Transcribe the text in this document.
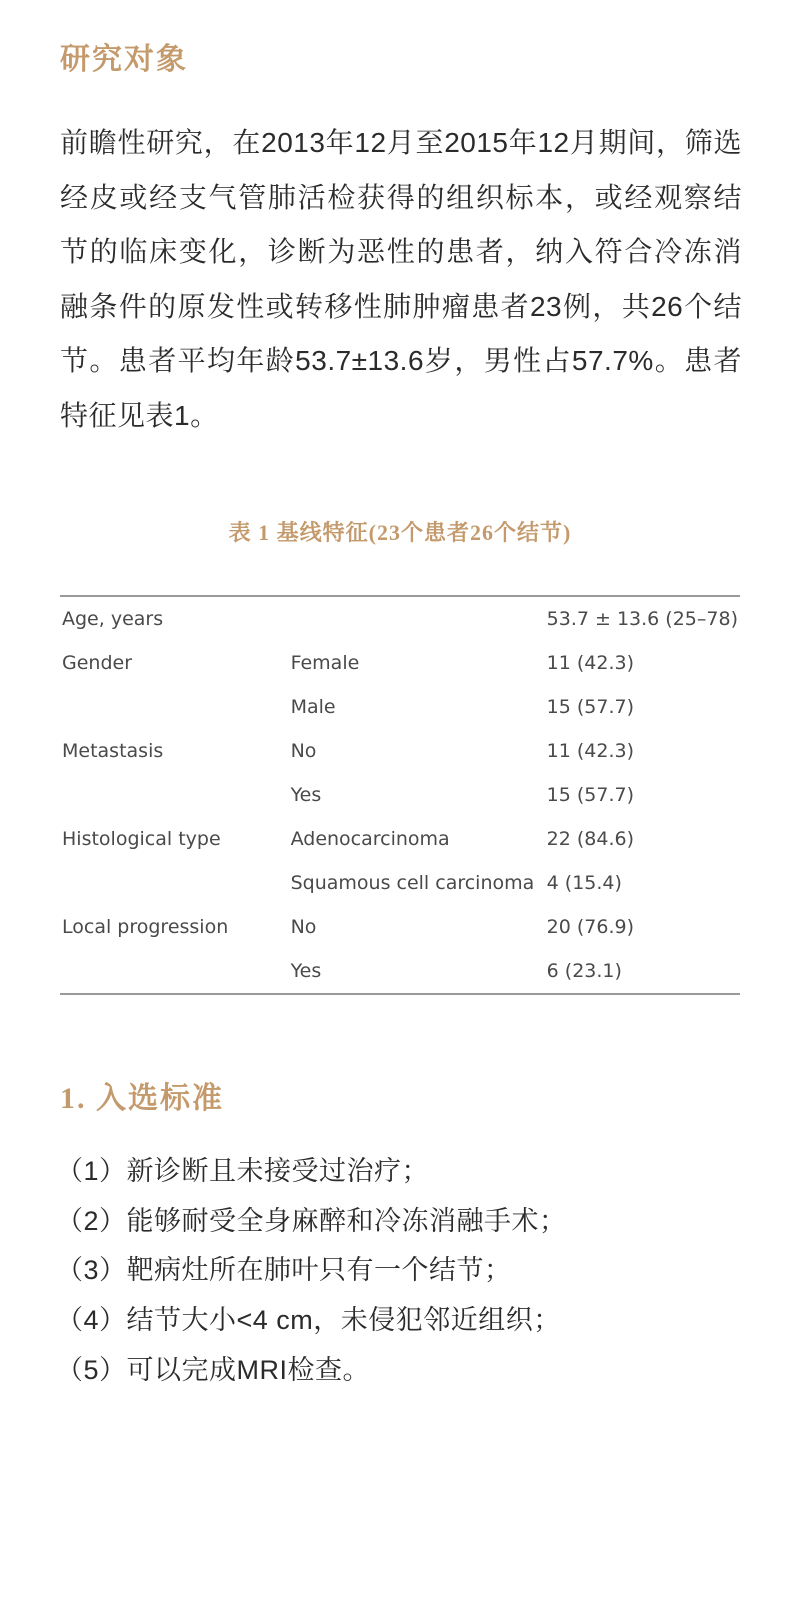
研究对象

前瞻性研究，在2013年12月至2015年12月期间，筛选经皮或经支气管肺活检获得的组织标本，或经观察结节的临床变化，诊断为恶性的患者，纳入符合冷冻消融条件的原发性或转移性肺肿瘤患者23例，共26个结节。患者平均年龄53.7±13.6岁，男性占57.7%。患者特征见表1。

表 1 基线特征(23个患者26个结节)
Age, years		53.7 ± 13.6 (25–78)
Gender	Female	11 (42.3)
	Male	15 (57.7)
Metastasis	No	11 (42.3)
	Yes	15 (57.7)
Histological type	Adenocarcinoma	22 (84.6)
	Squamous cell carcinoma	4 (15.4)
Local progression	No	20 (76.9)
	Yes	6 (23.1)
1. 入选标准
（1）新诊断且未接受过治疗；
（2）能够耐受全身麻醉和冷冻消融手术；
（3）靶病灶所在肺叶只有一个结节；
（4）结节大小<4 cm，未侵犯邻近组织；
（5）可以完成MRI检查。
